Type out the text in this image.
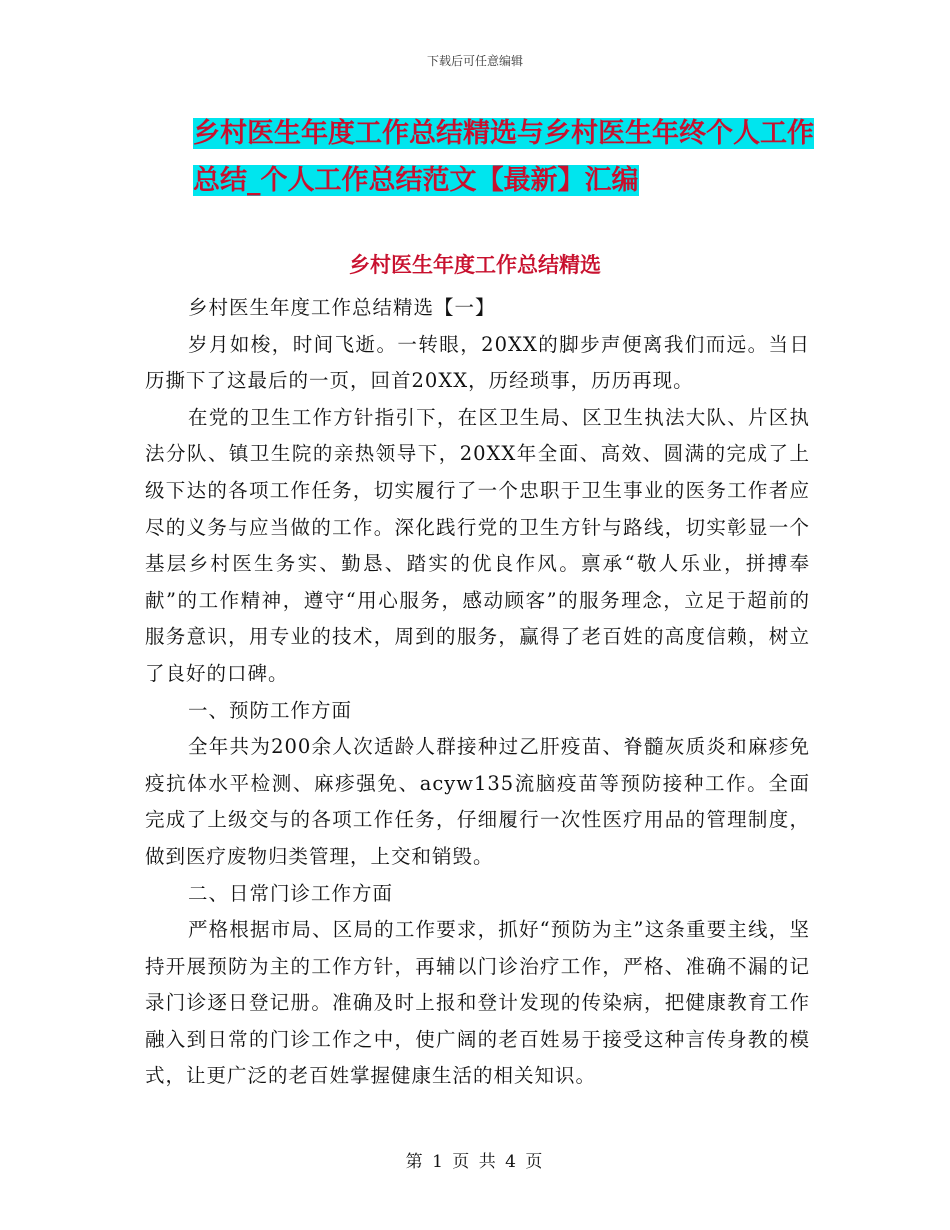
下载后可任意编辑
乡村医生年度工作总结精选与乡村医生年终个人工作
总结_个人工作总结范文【最新】汇编
乡村医生年度工作总结精选

乡村医生年度工作总结精选【一】

岁月如梭，时间飞逝。一转眼，20XX的脚步声便离我们而远。当日历撕下了这最后的一页，回首20XX，历经琐事，历历再现。

在党的卫生工作方针指引下，在区卫生局、区卫生执法大队、片区执法分队、镇卫生院的亲热领导下，20XX年全面、高效、圆满的完成了上级下达的各项工作任务，切实履行了一个忠职于卫生事业的医务工作者应尽的义务与应当做的工作。深化践行党的卫生方针与路线，切实彰显一个基层乡村医生务实、勤恳、踏实的优良作风。禀承“敬人乐业，拼搏奉献”的工作精神，遵守“用心服务，感动顾客”的服务理念，立足于超前的服务意识，用专业的技术，周到的服务，赢得了老百姓的高度信赖，树立了良好的口碑。

一、预防工作方面

全年共为200余人次适龄人群接种过乙肝疫苗、脊髓灰质炎和麻疹免疫抗体水平检测、麻疹强免、acyw135流脑疫苗等预防接种工作。全面完成了上级交与的各项工作任务，仔细履行一次性医疗用品的管理制度，做到医疗废物归类管理，上交和销毁。

二、日常门诊工作方面

严格根据市局、区局的工作要求，抓好“预防为主”这条重要主线，坚持开展预防为主的工作方针，再辅以门诊治疗工作，严格、准确不漏的记录门诊逐日登记册。准确及时上报和登计发现的传染病，把健康教育工作融入到日常的门诊工作之中，使广阔的老百姓易于接受这种言传身教的模式，让更广泛的老百姓掌握健康生活的相关知识。

第 1 页 共 4 页
